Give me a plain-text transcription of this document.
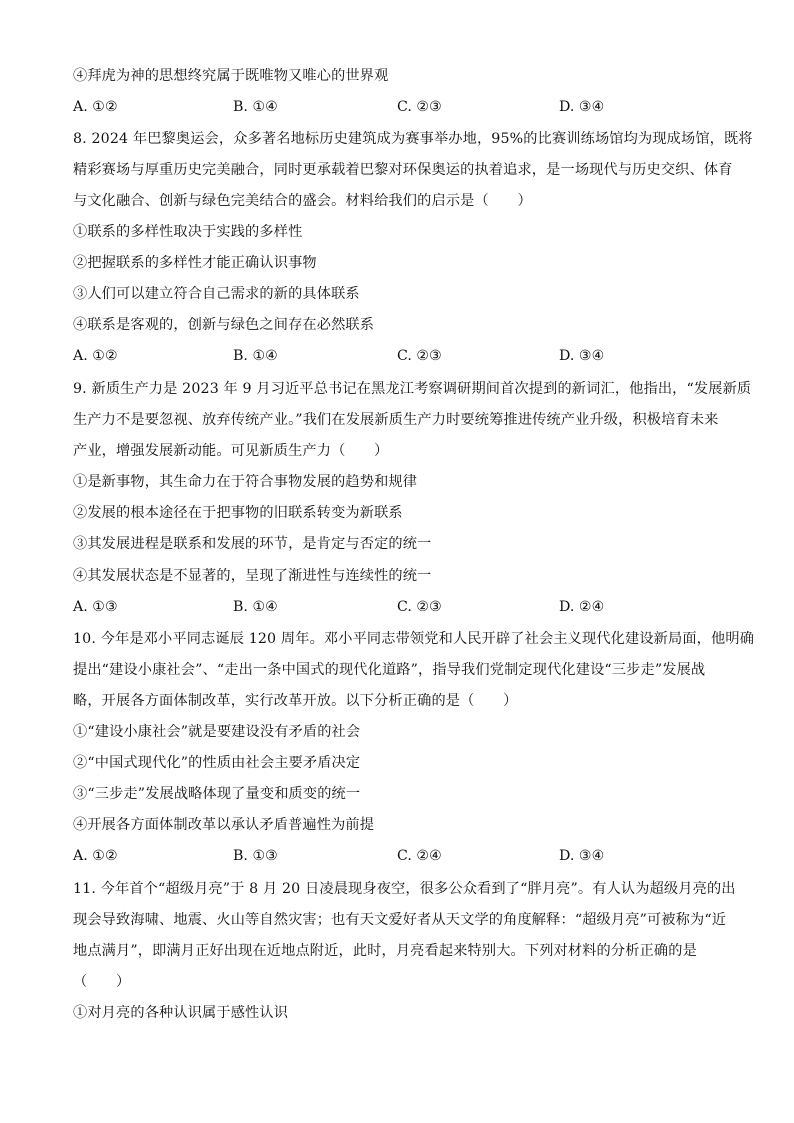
④拜虎为神的思想终究属于既唯物又唯心的世界观
A. ①②	B. ①④	C. ②③	D. ③④
8. 2024 年巴黎奥运会，众多著名地标历史建筑成为赛事举办地，95%的比赛训练场馆均为现成场馆，既将
精彩赛场与厚重历史完美融合，同时更承载着巴黎对环保奥运的执着追求，是一场现代与历史交织、体育
与文化融合、创新与绿色完美结合的盛会。材料给我们的启示是（　　）
①联系的多样性取决于实践的多样性
②把握联系的多样性才能正确认识事物
③人们可以建立符合自己需求的新的具体联系
④联系是客观的，创新与绿色之间存在必然联系
A. ①②	B. ①④	C. ②③	D. ③④
9. 新质生产力是 2023 年 9 月习近平总书记在黑龙江考察调研期间首次提到的新词汇，他指出，“发展新质
生产力不是要忽视、放弃传统产业。”我们在发展新质生产力时要统筹推进传统产业升级，积极培育未来
产业，增强发展新动能。可见新质生产力（　　）
①是新事物，其生命力在于符合事物发展的趋势和规律
②发展的根本途径在于把事物的旧联系转变为新联系
③其发展进程是联系和发展的环节，是肯定与否定的统一
④其发展状态是不显著的，呈现了渐进性与连续性的统一
A. ①③	B. ①④	C. ②③	D. ②④
10. 今年是邓小平同志诞辰 120 周年。邓小平同志带领党和人民开辟了社会主义现代化建设新局面，他明确
提出“建设小康社会”、“走出一条中国式的现代化道路”，指导我们党制定现代化建设“三步走”发展战
略，开展各方面体制改革，实行改革开放。以下分析正确的是（　　）
①“建设小康社会”就是要建设没有矛盾的社会
②“中国式现代化”的性质由社会主要矛盾决定
③“三步走”发展战略体现了量变和质变的统一
④开展各方面体制改革以承认矛盾普遍性为前提
A. ①②	B. ①③	C. ②④	D. ③④
11. 今年首个“超级月亮”于 8 月 20 日凌晨现身夜空，很多公众看到了“胖月亮”。有人认为超级月亮的出
现会导致海啸、地震、火山等自然灾害；也有天文爱好者从天文学的角度解释：“超级月亮”可被称为“近
地点满月”，即满月正好出现在近地点附近，此时，月亮看起来特别大。下列对材料的分析正确的是
（　　）
①对月亮的各种认识属于感性认识
